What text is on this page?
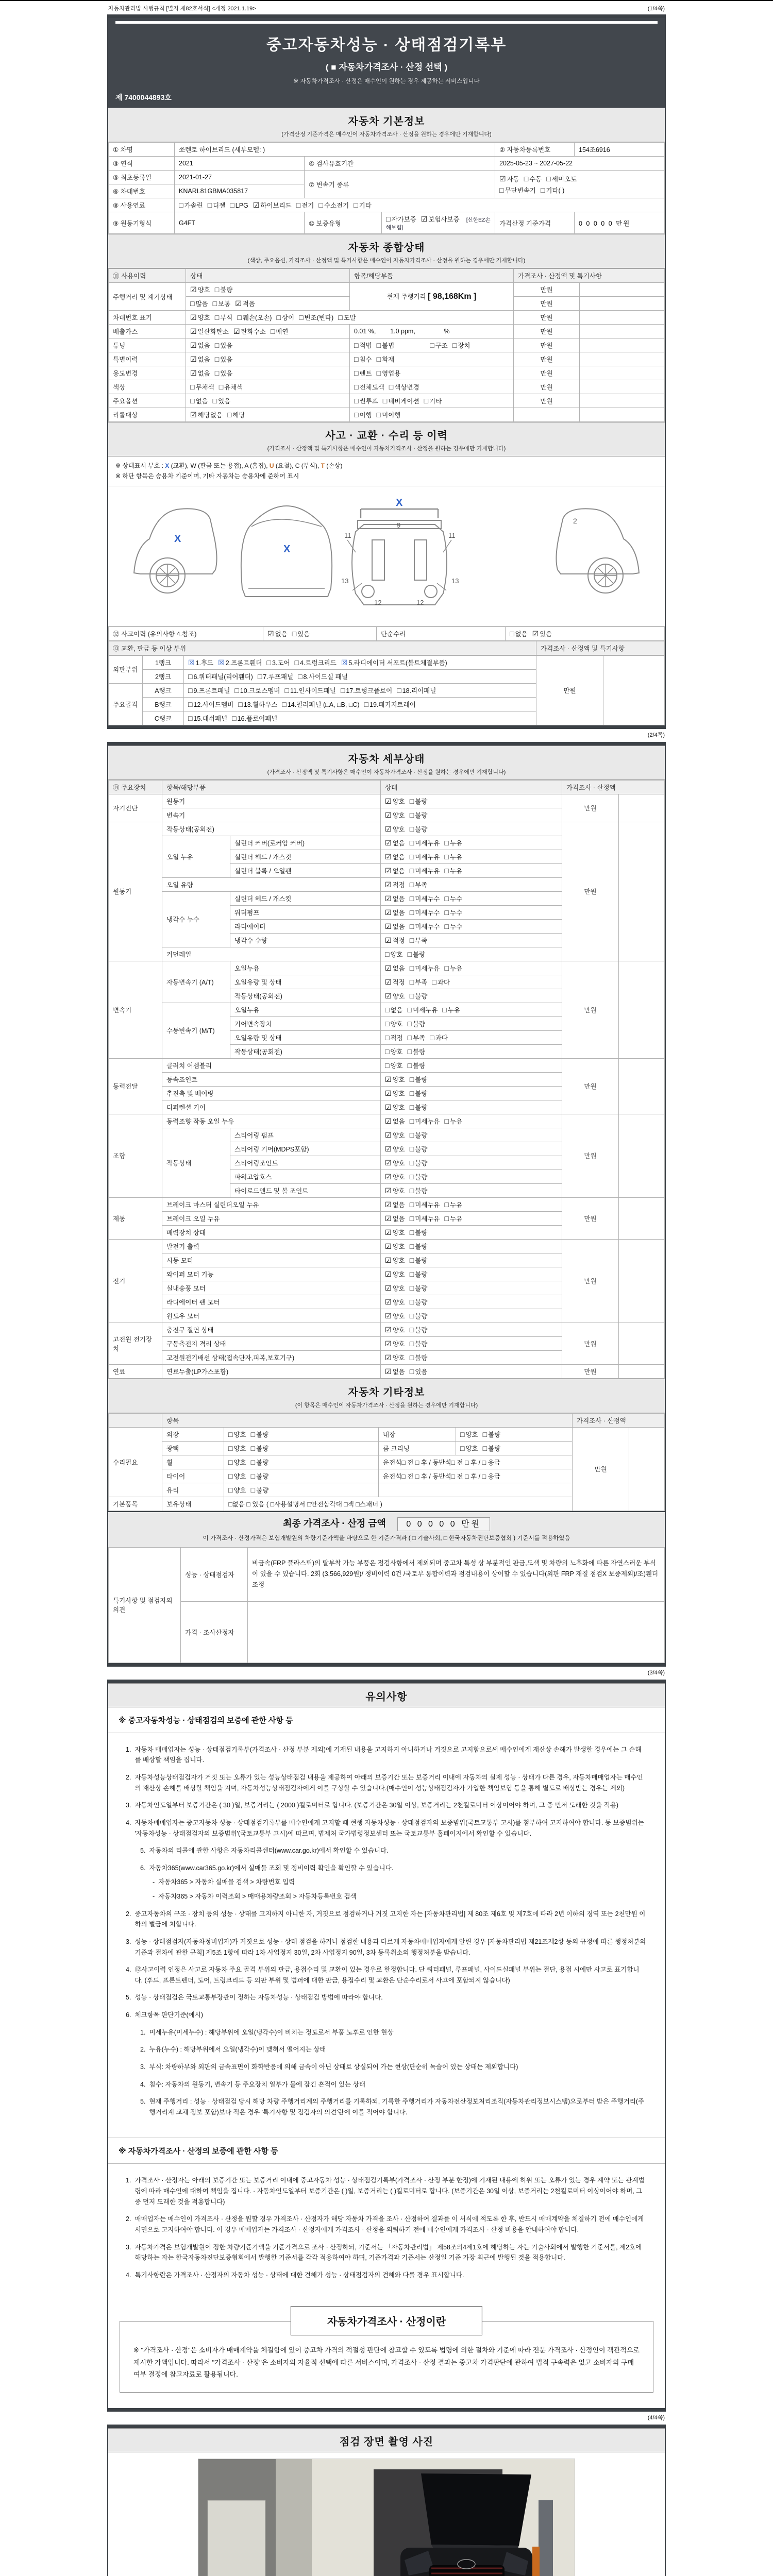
자동차관리법 시행규칙 [별지 제82호서식] <개정 2021.1.19>	(1/4쪽)
중고자동차성능 · 상태점검기록부
( ■ 자동차가격조사 · 산정 선택 )
※ 자동차가격조사 · 산정은 매수인이 원하는 경우 제공하는 서비스입니다
제 7400044893호
자동차 기본정보
(가격산정 기준가격은 매수인이 자동차가격조사 · 산정을 원하는 경우에만 기재합니다)
① 차명	쏘렌토 하이브리드 (세부모델: )			② 자동차등록번호	154조6916
③ 연식	2021	④ 검사유효기간		2025-05-23 ~ 2027-05-22	
⑤ 최초등록일	2021-01-27	⑦ 변속기 종류		☑ 자동 □ 수동 □ 세미오토
□ 무단변속기 □ 기타( )	

⑥ 차대번호	KNARL81GBMA035817				
⑧ 사용연료	□ 가솔린 □ 디젤 □ LPG ☑ 하이브리드 □ 전기 □ 수소전기 □ 기타				
⑨ 원동기형식	G4FT	⑩ 보증유형	□ 자가보증 ☑ 보험사보증 [신한EZ손해보험]	가격산정 기준가격	0 0 0 0 0 만원
자동차 종합상태
(색상, 주요옵션, 가격조사 · 산정액 및 특기사항은 매수인이 자동차가격조사 · 산정을 원하는 경우에만 기재합니다)
⑪ 사용이력	상태	항목/해당부품	가격조사 · 산정액 및 특기사항	
주행거리 및 계기상태	☑ 양호 □ 불량	현재 주행거리 [ 98,168Km ]	만원	
	□ 많음 □ 보통 ☑ 적음		만원	
차대번호 표기	☑ 양호 □ 부식 □ 훼손(오손) □ 상이 □ 변조(변타) □ 도말		만원	
배출가스	☑ 일산화탄소 ☑ 탄화수소 □ 매연	0.01 %,        1.0 ppm,                %	만원	
튜닝	☑ 없음 □ 있음	□ 적법 □ 불법 □ 구조 □ 장치	만원	
특별이력	☑ 없음 □ 있음	□ 침수 □ 화재	만원	
용도변경	☑ 없음 □ 있음	□ 렌트 □ 영업용	만원	
색상	□ 무채색 □ 유채색	□ 전체도색 □ 색상변경	만원	
주요옵션	□ 없음 □ 있음	□ 썬루프 □ 네비게이션 □ 기타	만원	
리콜대상	☑ 해당없음 □ 해당	□ 이행 □ 미이행		
사고 · 교환 · 수리 등 이력
(가격조사 · 산정액 및 특기사항은 매수인이 자동차가격조사 · 산정을 원하는 경우에만 기재합니다)
※ 상태표시 부호 : X (교환), W (판금 또는 용접), A (흠집), U (요철), C (부식), T (손상)
※ 하단 항목은 승용차 기준이며, 기타 자동차는 승용차에 준하여 표시
X
X
X
9
11	11
13	13
12	12
2
⑫ 사고이력 (유의사항 4.참조)	☑ 없음 □ 있음	단순수리	□ 없음 ☑ 있음
⑬ 교환, 판금 등 이상 부위	가격조사 · 산정액 및 특기사항
외판부위	1랭크	☒ 1.후드 ☒ 2.프론트휀더 □ 3.도어 □ 4.트렁크리드 ☒ 5.라디에이터 서포트(볼트체결부품)	만원	
	2랭크	□ 6.쿼터패널(리어휀더) □ 7.루프패널 □ 8.사이드실 패널		
주요골격	A랭크	□ 9.프론트패널 □ 10.크로스멤버 □ 11.인사이드패널 □ 17.트렁크플로어 □ 18.리어패널		
	B랭크	□ 12.사이드멤버 □ 13.휠하우스 □ 14.필러패널 (□A, □B, □C) □ 19.패키지트레이		
	C랭크	□ 15.대쉬패널 □ 16.플로어패널		
(2/4쪽)
자동차 세부상태
(가격조사 · 산정액 및 특기사항은 매수인이 자동차가격조사 · 산정을 원하는 경우에만 기재합니다)
⑭ 주요장치	항목/해당부품		상태	가격조사 · 산정액	
자기진단	원동기		☑ 양호 □ 불량	만원	
	변속기		☑ 양호 □ 불량		
원동기	작동상태(공회전)		☑ 양호 □ 불량	만원	
	오일 누유	실린더 커버(로커암 커버)	☑ 없음 □ 미세누유 □ 누유		
		실린더 헤드 / 개스킷	☑ 없음 □ 미세누유 □ 누유		
		실린더 블록 / 오일팬	☑ 없음 □ 미세누유 □ 누유		
	오일 유량		☑ 적정 □ 부족		
	냉각수 누수	실린더 헤드 / 개스킷	☑ 없음 □ 미세누수 □ 누수		
		워터펌프	☑ 없음 □ 미세누수 □ 누수		
		라디에이터	☑ 없음 □ 미세누수 □ 누수		
		냉각수 수량	☑ 적정 □ 부족		
	커먼레일		□ 양호 □ 불량		
변속기	자동변속기 (A/T)	오일누유	☑ 없음 □ 미세누유 □ 누유	만원	
		오일유량 및 상태	☑ 적정 □ 부족 □ 과다		
		작동상태(공회전)	☑ 양호 □ 불량		
	수동변속기 (M/T)	오일누유	□ 없음 □ 미세누유 □ 누유		
		기어변속장치	□ 양호 □ 불량		
		오일유량 및 상태	□ 적정 □ 부족 □ 과다		
		작동상태(공회전)	□ 양호 □ 불량		
동력전달	클러치 어셈블리		□ 양호 □ 불량	만원	
	등속죠인트		☑ 양호 □ 불량		
	추진축 및 베어링		☑ 양호 □ 불량		
	디퍼렌셜 기어		☑ 양호 □ 불량		
조향	동력조향 작동 오일 누유		☑ 없음 □ 미세누유 □ 누유	만원	
	작동상태	스티어링 펌프	☑ 양호 □ 불량		
		스티어링 기어(MDPS포함)	☑ 양호 □ 불량		
		스티어링조인트	☑ 양호 □ 불량		
		파워고압호스	☑ 양호 □ 불량		
		타이로드엔드 및 볼 조인트	☑ 양호 □ 불량		
제동	브레이크 마스터 실린더오일 누유		☑ 없음 □ 미세누유 □ 누유	만원	
	브레이크 오일 누유		☑ 없음 □ 미세누유 □ 누유		
	배력장치 상태		☑ 양호 □ 불량		
전기	발전기 출력		☑ 양호 □ 불량	만원	
	시동 모터		☑ 양호 □ 불량		
	와이퍼 모터 기능		☑ 양호 □ 불량		
	실내송풍 모터		☑ 양호 □ 불량		
	라디에이터 팬 모터		☑ 양호 □ 불량		
	윈도우 모터		☑ 양호 □ 불량		
고전원 전기장치	충전구 절연 상태		☑ 양호 □ 불량	만원	
	구동축전지 격리 상태		☑ 양호 □ 불량		
	고전원전기배선 상태(접속단자,피복,보호기구)		☑ 양호 □ 불량		
연료	연료누출(LP가스포함)		☑ 없음 □ 있음	만원	
자동차 기타정보
(이 항목은 매수인이 자동차가격조사 · 산정을 원하는 경우에만 기재합니다)
	항목				가격조사 · 산정액	
수리필요	외장	□ 양호 □ 불량	내장	□ 양호 □ 불량	만원	
	광택	□ 양호 □ 불량	룸 크리닝	□ 양호 □ 불량		
	휠	□ 양호 □ 불량	운전석□ 전 □ 후 / 동반석□ 전 □ 후 / □ 응급			
	타이어	□ 양호 □ 불량	운전석□ 전 □ 후 / 동반석□ 전 □ 후 / □ 응급			
	유리	□ 양호 □ 불량				
기본품목	보유상태	□없음 □ 있음 ( □사용설명서 □안전삼각대 □잭 □스패너 )				
최종 가격조사 · 산정 금액 0 0 0 0 0 만원
이 가격조사 · 산정가격은 보험개발원의 차량기준가액을 바탕으로 한 기준가격과 ( □ 기술사회, □ 한국자동차진단보증협회 ) 기준서를 적용하였음
특기사항 및 점검자의 의견	성능 · 상태점검자	비금속(FRP 플라스틱)의 탈부착 가능 부품은 점검사항에서 제외되며 중고차 특성 상 부분적인 판금,도색 및 차량의 노후화에 따른 자연스러운 부식이 있을 수 있습니다. 2회 (3,566,929원)/ 정비이력 0건 /국토부 통합이력과 점검내용이 상이할 수 있습니다(외판 FRP 재질 점검X 보증제외)/조)휀더 조정
	가격 · 조사산정자	
(3/4쪽)
유의사항
※ 중고자동차성능 · 상태점검의 보증에 관한 사항 등
1. 자동차 매매업자는 성능 · 상태점검기록부(가격조사 · 산정 부분 제외)에 기재된 내용을 고지하지 아니하거나 거짓으로 고지함으로써 매수인에게 재산상 손해가 발생한 경우에는 그 손해를 배상할 책임을 집니다.
2. 자동차성능상태점검자가 거짓 또는 오류가 있는 성능상태점검 내용을 제공하여 아래의 보증기간 또는 보증거리 이내에 자동차의 실제 성능 · 상태가 다른 경우, 자동차매매업자는 매수인의 재산상 손해를 배상할 책임을 지며, 자동차성능상태점검자에게 이를 구상할 수 있습니다.(매수인이 성능상태점검자가 가입한 책임보험 등을 통해 별도로 배상받는 경우는 제외)
3. 자동차인도일부터 보증기간은 ( 30 )일, 보증거리는 ( 2000 )킬로미터로 합니다. (보증기간은 30일 이상, 보증거리는 2천킬로미터 이상이어야 하며, 그 중 먼저 도래한 것을 적용)
4. 자동차매매업자는 중고자동차 성능 · 상태점검기록부를 매수인에게 고지할 때 현행 자동차성능 · 상태점검자의 보증범위(국토교통부 고시)를 첨부하여 고지하여야 합니다. 동 보증범위는 '자동차성능 · 상태점검자의 보증범위'(국토교통부 고시)에 따르며, 법제처 국가법령정보센터 또는 국토교통부 홈페이지에서 확인할 수 있습니다.
5. 자동차의 리콜에 관한 사항은 자동차리콜센터(www.car.go.kr)에서 확인할 수 있습니다.
6. 자동차365(www.car365.go.kr)에서 실매물 조회 및 정비이력 확인을 확인할 수 있습니다.
- 자동차365 > 자동차 실매물 검색 > 차량번호 입력
- 자동차365 > 자동차 이력조회 > 매매용차량조회 > 자동차등록번호 검색
2. 중고자동차의 구조 · 장치 등의 성능 · 상태를 고지하지 아니한 자, 거짓으로 점검하거나 거짓 고지한 자는 [자동차관리법] 제 80조 제6호 및 제7호에 따라 2년 이하의 징역 또는 2천만원 이하의 벌금에 처합니다.
3. 성능 · 상태점검자(자동차정비업자)가 거짓으로 성능 · 상태 점검을 하거나 점검한 내용과 다르게 자동차매매업자에게 알린 경우 [자동차관리법 제21조제2항 등의 규정에 따른 행정처분의 기준과 절차에 관한 규칙] 제5조 1항에 따라 1차 사업정지 30일, 2차 사업정지 90일, 3차 등록취소의 행정처분을 받습니다.
4. ⑫사고이력 인정은 사고로 자동차 주요 골격 부위의 판금, 용접수리 및 교환이 있는 경우로 한정합니다. 단 쿼터패널, 루프패널, 사이드실패널 부위는 절단, 용접 시에만 사고로 표기합니다. (후드, 프론트펜더, 도어, 트렁크리드 등 외판 부위 및 범퍼에 대한 판금, 용접수리 및 교환은 단순수리로서 사고에 포함되지 않습니다)
5. 성능 · 상태점검은 국토교통부장관이 정하는 자동차성능 · 상태점검 방법에 따라야 합니다.
6. 체크항목 판단기준(예시)
1. 미세누유(미세누수) : 해당부위에 오일(냉각수)이 비치는 정도로서 부품 노후로 인한 현상
2. 누유(누수) : 해당부위에서 오일(냉각수)이 맺혀서 떨어지는 상태
3. 부식: 차량하부와 외판의 금속표면이 화학반응에 의해 금속이 아닌 상태로 상실되어 가는 현상(단순히 녹슬어 있는 상태는 제외합니다)
4. 침수: 자동차의 원동기, 변속기 등 주요장치 일부가 물에 잠긴 흔적이 있는 상태
5. 현재 주행거리 : 성능 · 상태점검 당시 해당 차량 주행거리계의 주행거리를 기록하되, 기록한 주행거리가 자동차전산정보처리조직(자동차관리정보시스템)으로부터 받은 주행거리(주행거리계 교체 정보 포함)보다 적은 경우 '특기사항 및 점검자의 의견'란에 이를 적어야 합니다.
※ 자동차가격조사 · 산정의 보증에 관한 사항 등
1. 가격조사 · 산정자는 아래의 보증기간 또는 보증거리 이내에 중고자동차 성능 · 상태점검기록부(가격조사 · 산정 부분 한정)에 기재된 내용에 허위 또는 오류가 있는 경우 계약 또는 관계법령에 따라 매수인에 대하여 책임을 집니다. · 자동차인도일부터 보증기간은 ( )일, 보증거리는 ( )킬로미터로 합니다. (보증기간은 30일 이상, 보증거리는 2천킬로미터 이상이어야 하며, 그 중 먼저 도래한 것을 적용합니다)
2. 매매업자는 매수인이 가격조사 · 산정을 원할 경우 가격조사 · 산정자가 해당 자동차 가격을 조사 · 산정하여 결과를 이 서식에 적도록 한 후, 반드시 매매계약을 체결하기 전에 매수인에게 서면으로 고지하여야 합니다. 이 경우 매매업자는 가격조사 · 산정자에게 가격조사 · 산정을 의뢰하기 전에 매수인에게 가격조사 · 산정 비용을 안내하여야 합니다.
3. 자동차가격은 보험개발원이 정한 차량기준가액을 기준가격으로 조사 · 산정하되, 기준서는 「자동차관리법」 제58조의4제1호에 해당하는 자는 기술사회에서 발행한 기준서를, 제2호에 해당하는 자는 한국자동차진단보증협회에서 발행한 기준서를 각각 적용하여야 하며, 기준가격과 기준서는 산정일 기준 가장 최근에 발행된 것을 적용합니다.
4. 특기사항란은 가격조사 · 산정자의 자동차 성능 · 상태에 대한 견해가 성능 · 상태점검자의 견해와 다를 경우 표시합니다.
자동차가격조사 · 산정이란
※ "가격조사 · 산정"은 소비자가 매매계약을 체결함에 있어 중고차 가격의 적절성 판단에 참고할 수 있도록 법령에 의한 절차와 기준에 따라 전문 가격조사 · 산정인이 객관적으로 제시한 가액입니다. 따라서 "가격조사 · 산정"은 소비자의 자율적 선택에 따른 서비스이며, 가격조사 · 산정 결과는 중고차 가격판단에 관하여 법적 구속력은 없고 소비자의 구매여부 결정에 참고자료로 활용됩니다.
(4/4쪽)
점검 장면 촬영 사진
